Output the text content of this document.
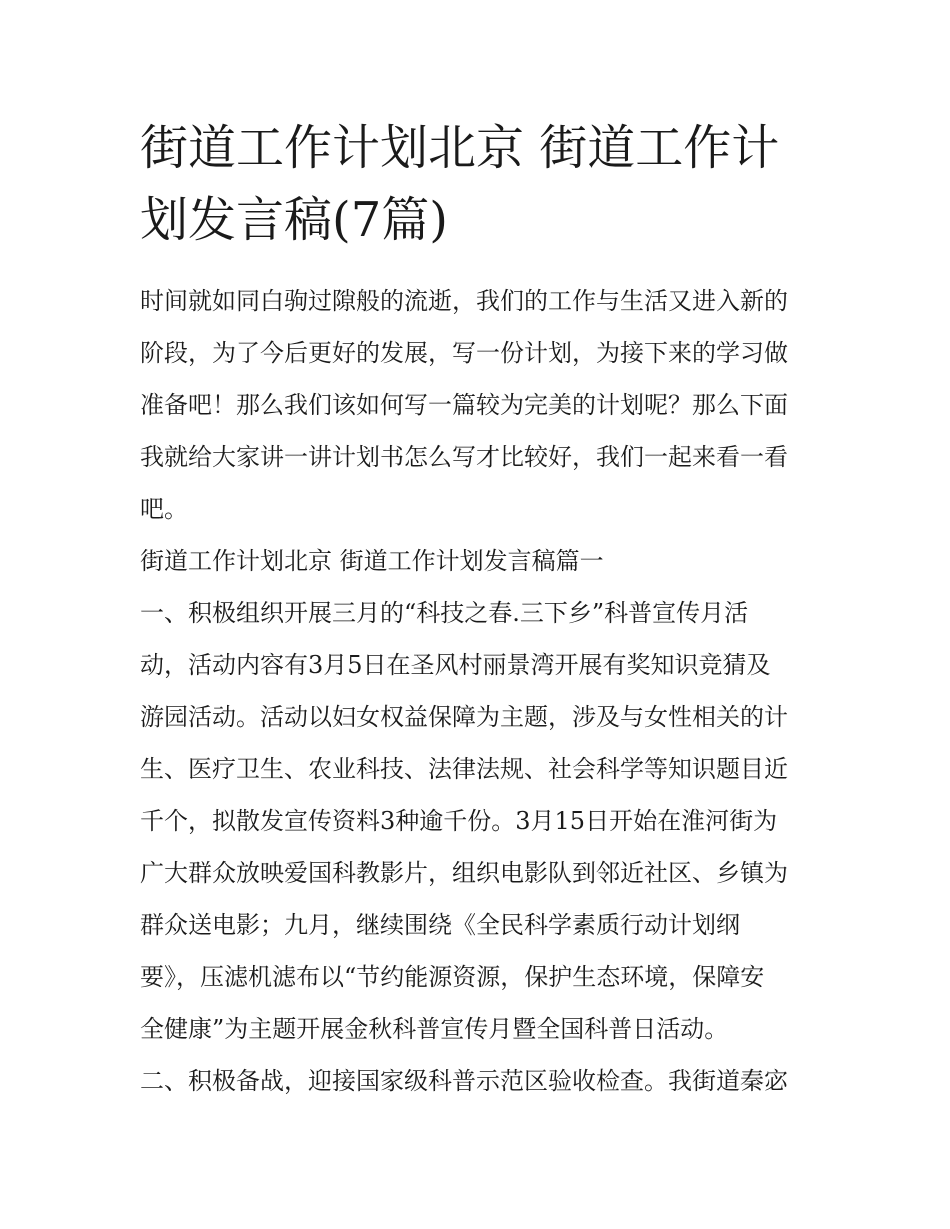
街道工作计划北京 街道工作计
划发言稿(7篇)
时间就如同白驹过隙般的流逝，我们的工作与生活又进入新的
阶段，为了今后更好的发展，写一份计划，为接下来的学习做
准备吧！那么我们该如何写一篇较为完美的计划呢？那么下面
我就给大家讲一讲计划书怎么写才比较好，我们一起来看一看
吧。
街道工作计划北京 街道工作计划发言稿篇一
一、积极组织开展三月的“科技之春.三下乡”科普宣传月活
动，活动内容有3月5日在圣风村丽景湾开展有奖知识竞猜及
游园活动。活动以妇女权益保障为主题，涉及与女性相关的计
生、医疗卫生、农业科技、法律法规、社会科学等知识题目近
千个，拟散发宣传资料3种逾千份。3月15日开始在淮河街为
广大群众放映爱国科教影片，组织电影队到邻近社区、乡镇为
群众送电影；九月，继续围绕《全民科学素质行动计划纲
要》，压滤机滤布以“节约能源资源，保护生态环境，保障安
全健康”为主题开展金秋科普宣传月暨全国科普日活动。
二、积极备战，迎接国家级科普示范区验收检查。我街道秦宓
